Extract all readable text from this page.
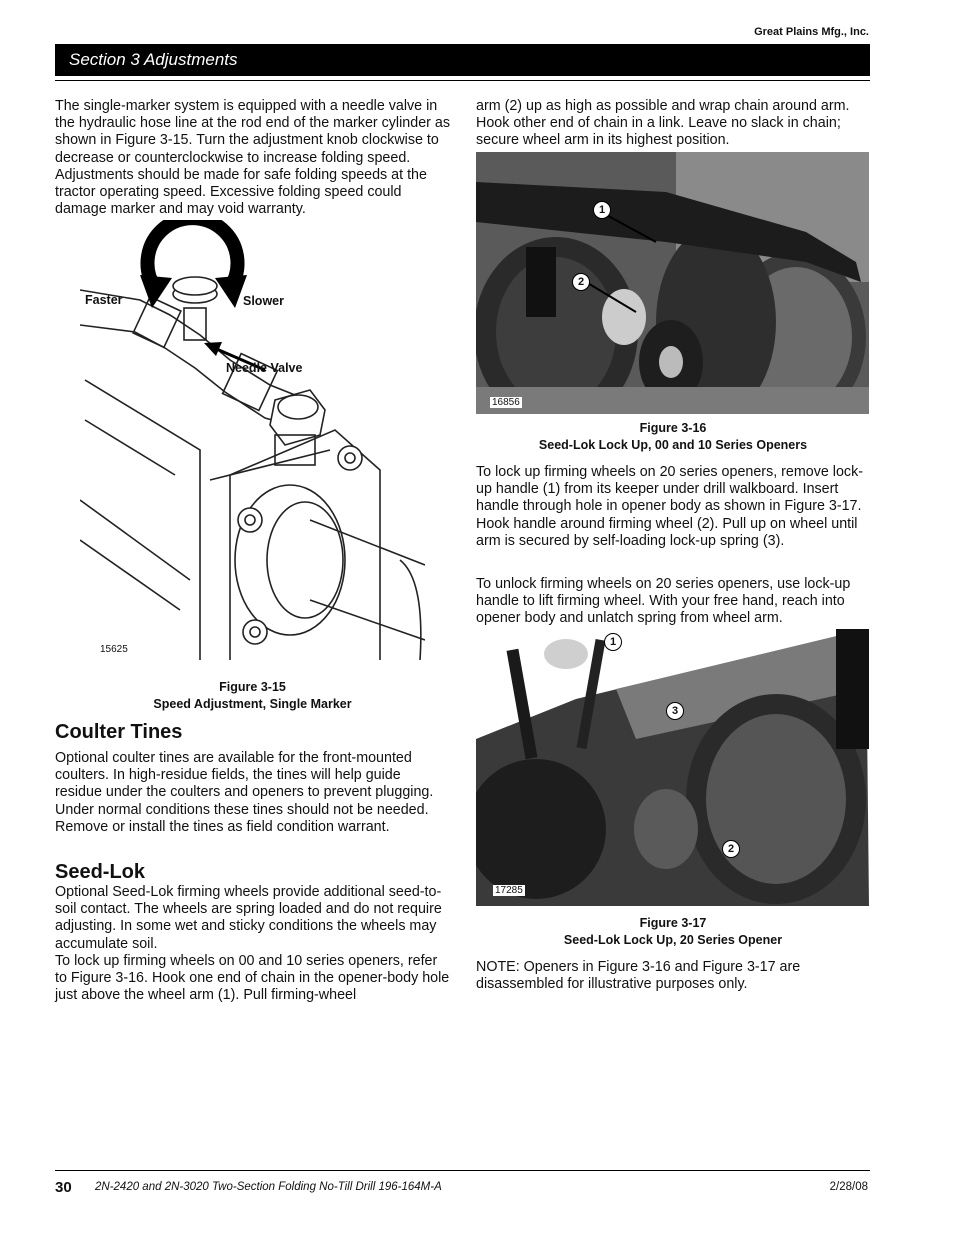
Great Plains Mfg., Inc.
Section 3 Adjustments

The single-marker system is equipped with a needle valve in the hydraulic hose line at the rod end of the marker cylinder as shown in Figure 3-15. Turn the adjustment knob clockwise to decrease or counterclockwise to increase folding speed. Adjustments should be made for safe folding speeds at the tractor operating speed. Excessive folding speed could damage marker and may void warranty.

Faster	Slower
Needle Valve
15625
Figure 3-15
Speed Adjustment, Single Marker
Coulter Tines

Optional coulter tines are available for the front-mounted coulters. In high-residue fields, the tines will help guide residue under the coulters and openers to prevent plugging. Under normal conditions these tines should not be needed. Remove or install the tines as field condition warrant.

Seed-Lok

Optional Seed-Lok firming wheels provide additional seed-to-soil contact. The wheels are spring loaded and do not require adjusting. In some wet and sticky conditions the wheels may accumulate soil.

To lock up firming wheels on 00 and 10 series openers, refer to Figure 3-16. Hook one end of chain in the opener-body hole just above the wheel arm (1). Pull firming-wheel

arm (2) up as high as possible and wrap chain around arm. Hook other end of chain in a link. Leave no slack in chain; secure wheel arm in its highest position.

1
2
16856
Figure 3-16
Seed-Lok Lock Up, 00 and 10 Series Openers

To lock up firming wheels on 20 series openers, remove lock-up handle (1) from its keeper under drill walkboard. Insert handle through hole in opener body as shown in Figure 3-17. Hook handle around firming wheel (2). Pull up on wheel until arm is secured by self-loading lock-up spring (3).

To unlock firming wheels on 20 series openers, use lock-up handle to lift firming wheel. With your free hand, reach into opener body and unlatch spring from wheel arm.

1
3
2
17285
Figure 3-17
Seed-Lok Lock Up, 20 Series Opener

NOTE: Openers in Figure 3-16 and Figure 3-17 are disassembled for illustrative purposes only.

30 2N-2420 and 2N-3020 Two-Section Folding No-Till Drill 196-164M-A	2/28/08
